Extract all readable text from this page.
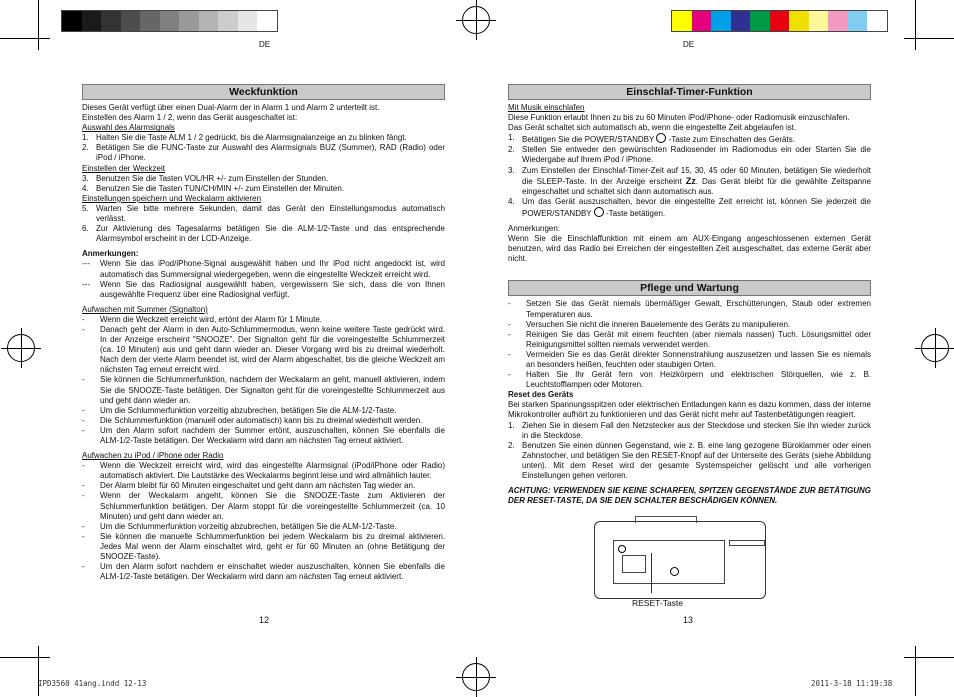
DE
Weckfunktion

Dieses Gerät verfügt über einen Dual-Alarm der in Alarm 1 und Alarm 2 unterteilt ist.

Einstellen des Alarm 1 / 2, wenn das Gerät ausgeschaltet ist:

Auswahl des Alarmsignals

1. Halten Sie die Taste ALM 1 / 2 gedrückt, bis die Alarmsignalanzeige an zu blinken fängt.
2. Betätigen Sie die FUNC-Taste zur Auswahl des Alarmsignals BUZ (Summer), RAD (Radio) oder iPod / iPhone.

Einstellen der Weckzeit

3. Benutzen Sie die Tasten VOL/HR +/- zum Einstellen der Stunden.
4. Benutzen Sie die Tasten TUN/CH/MIN +/- zum Einstellen der Minuten.

Einstellungen speichern und Weckalarm aktivieren

5. Warten Sie bitte mehrere Sekunden, damit das Gerät den Einstellungsmodus automatisch verlässt.
6. Zur Aktivierung des Tagesalarms betätigen Sie die ALM-1/2-Taste und das entsprechende Alarmsymbol erscheint in der LCD-Anzeige.

Anmerkungen:

---	Wenn Sie das iPod/iPhone-Signal ausgewählt haben und Ihr iPod nicht angedockt ist, wird automatisch das Summersignal wiedergegeben, wenn die eingestellte Weckzeit erreicht wird.
---	Wenn Sie das Radiosignal ausgewählt haben, vergewissern Sie sich, dass die von Ihnen ausgewählte Frequenz über eine Radiosignal verfügt.

Aufwachen mit Summer (Signalton)

-	Wenn die Weckzeit erreicht wird, ertönt der Alarm für 1 Minute.
-	Danach geht der Alarm in den Auto-Schlummermodus, wenn keine weitere Taste gedrückt wird. In der Anzeige erscheint "SNOOZE". Der Signalton geht für die voreingestellte Schlummerzeit (ca. 10 Minuten) aus und geht dann wieder an. Dieser Vorgang wird bis zu dreimal wiederholt. Nach dem der vierte Alarm beendet ist, wird der Alarm abgeschaltet, bis die gleiche Weckzeit am nächsten Tag erneut erreicht wird.
-	Sie können die Schlummerfunktion, nachdem der Weckalarm an geht, manuell aktivieren, indem Sie die SNOOZE-Taste betätigen. Der Signalton geht für die voreingestellte Schlummerzeit aus und geht dann wieder an.
-	Um die Schlummerfunktion vorzeitig abzubrechen, betätigen Sie die ALM-1/2-Taste.
-	Die Schlummerfunktion (manuell oder automatisch) kann bis zu dreimal wiederholt werden.
-	Um den Alarm sofort nachdem der Summer ertönt, auszuschalten, können Sie ebenfalls die ALM-1/2-Taste betätigen. Der Weckalarm wird dann am nächsten Tag erneut aktiviert.

Aufwachen zu iPod / iPhone oder Radio

-	Wenn die Weckzeit erreicht wird, wird das eingestellte Alarmsignal (iPod/iPhone oder Radio) automatisch aktiviert. Die Lautstärke des Weckalarms beginnt leise und wird allmählich lauter.
-	Der Alarm bleibt für 60 Minuten eingeschaltet und geht dann am nächsten Tag wieder an.
-	Wenn der Weckalarm angeht, können Sie die SNOOZE-Taste zum Aktivieren der Schlummerfunktion betätigen. Der Alarm stoppt für die voreingestellte Schlummerzeit (ca. 10 Minuten) und geht dann wieder an.
-	Um die Schlummerfunktion vorzeitig abzubrechen, betätigen Sie die ALM-1/2-Taste.
-	Sie können die manuelle Schlummerfunktion bei jedem Weckalarm bis zu dreimal aktivieren. Jedes Mal wenn der Alarm einschaltet wird, geht er für 60 Minuten an (ohne Betätigung der SNOOZE-Taste).
-	Um den Alarm sofort nachdem er einschaltet wieder auszuschalten, können Sie ebenfalls die ALM-1/2-Taste betätigen. Der Weckalarm wird dann am nächsten Tag erneut aktiviert.
12
IPD3560 41ang.indd 12-13
DE
Einschlaf-Timer-Funktion

Mit Musik einschlafen

Diese Funktion erlaubt Ihnen zu bis zu 60 Minuten iPod/iPhone- oder Radiomusik einzuschlafen.

Das Gerät schaltet sich automatisch ab, wenn die eingestellte Zeit abgelaufen ist.

1. Betätigen Sie die POWER/STANDBY -Taste zum Einschalten des Geräts.
2. Stellen Sie entweder den gewünschten Radiosender im Radiomodus ein oder Starten Sie die Wiedergabe auf Ihrem iPod / iPhone.
3. Zum Einstellen der Einschlaf-Timer-Zeit auf 15, 30, 45 oder 60 Minuten, betätigen Sie wiederholt die SLEEP-Taste. In der Anzeige erscheint Zz. Das Gerät bleibt für die gewählte Zeitspanne eingeschaltet und schaltet sich dann automatisch aus.
4. Um das Gerät auszuschalten, bevor die eingestellte Zeit erreicht ist, können Sie jederzeit die POWER/STANDBY -Taste betätigen.

Anmerkungen:

Wenn Sie die Einschlaffunktion mit einem am AUX-Eingang angeschlossenen externen Gerät benutzen, wird das Radio bei Erreichen der eingestellten Zeit ausgeschaltet, das externe Gerät aber nicht.

Pflege und Wartung
-	Setzen Sie das Gerät niemals übermäßiger Gewalt, Erschütterungen, Staub oder extremen Temperaturen aus.
-	Versuchen Sie nicht die inneren Bauelemente des Geräts zu manipulieren.
-	Reinigen Sie das Gerät mit einem feuchten (aber niemals nassen) Tuch. Lösungsmittel oder Reinigungsmittel sollten niemals verwendet werden.
-	Vermeiden Sie es das Gerät direkter Sonnenstrahlung auszusetzen und lassen Sie es niemals an besonders heißen, feuchten oder staubigen Orten.
-	Halten Sie Ihr Gerät fern von Heizkörpern und elektrischen Störquellen, wie z. B. Leuchtstofflampen oder Motoren.

Reset des Geräts

Bei starken Spannungsspitzen oder elektrischen Entladungen kann es dazu kommen, dass der interne Mikrokontroller aufhört zu funktionieren und das Gerät nicht mehr auf Tastenbetätigungen reagiert.

1. Ziehen Sie in diesem Fall den Netzstecker aus der Steckdose und stecken Sie ihn wieder zurück in die Steckdose.
2. Benutzen Sie einen dünnen Gegenstand, wie z. B. eine lang gezogene Büroklammer oder einen Zahnstocher, und betätigen Sie den RESET-Knopf auf der Unterseite des Geräts (siehe Abbildung unten). Mit dem Reset wird der gesamte Systemspeicher gelöscht und alle vorherigen Einstellungen gehen verloren.

ACHTUNG: VERWENDEN SIE KEINE SCHARFEN, SPITZEN GEGENSTÄNDE ZUR BETÄTIGUNG DER RESET-TASTE, DA SIE DEN SCHALTER BESCHÄDIGEN KÖNNEN.

RESET-Taste
13
2011-3-18 11:19:38
